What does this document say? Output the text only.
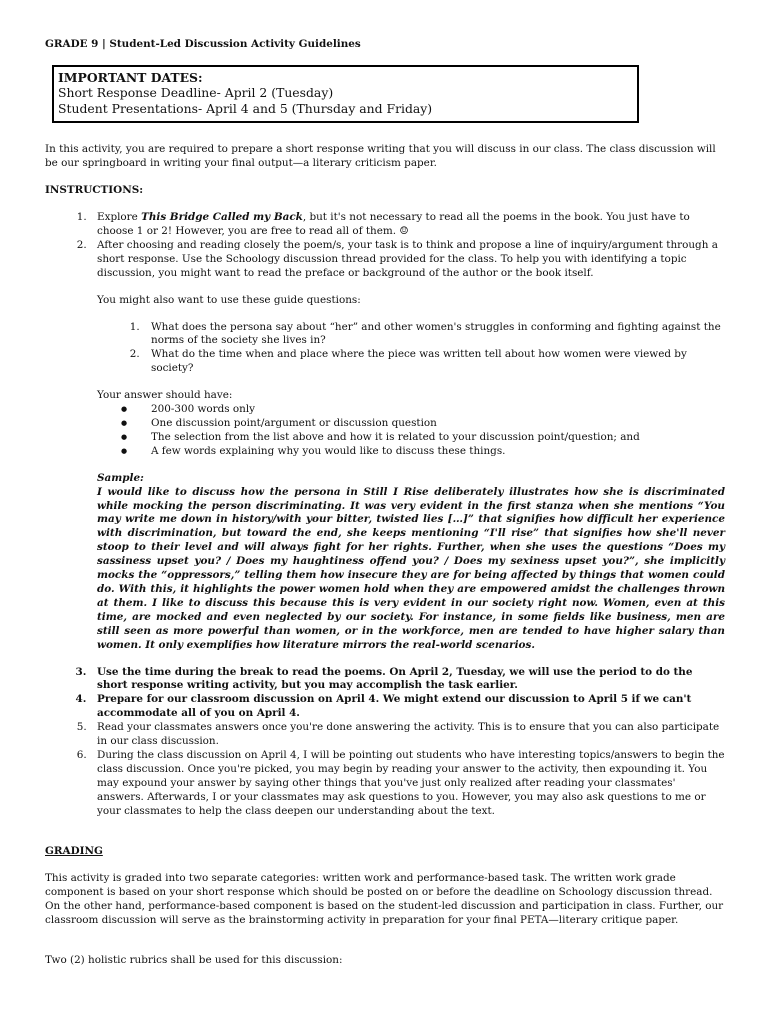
GRADE 9 | Student-Led Discussion Activity Guidelines

IMPORTANT DATES:
Short Response Deadline- April 2 (Tuesday)
Student Presentations- April 4 and 5 (Thursday and Friday)

In this activity, you are required to prepare a short response writing that you will discuss in our class. The class discussion will be our springboard in writing your final output—a literary criticism paper.

INSTRUCTIONS:

1. Explore This Bridge Called my Back, but it's not necessary to read all the poems in the book. You just have to choose 1 or 2! However, you are free to read all of them. ☺
2. After choosing and reading closely the poem/s, your task is to think and propose a line of inquiry/argument through a short response. Use the Schoology discussion thread provided for the class. To help you with identifying a topic discussion, you might want to read the preface or background of the author or the book itself.

You might also want to use these guide questions:

1. What does the persona say about “her” and other women's struggles in conforming and fighting against the norms of the society she lives in?
2. What do the time when and place where the piece was written tell about how women were viewed by society?

Your answer should have:

● 200-300 words only
● One discussion point/argument or discussion question
● The selection from the list above and how it is related to your discussion point/question; and
● A few words explaining why you would like to discuss these things.

Sample:

I would like to discuss how the persona in Still I Rise deliberately illustrates how she is discriminated while mocking the person discriminating. It was very evident in the first stanza when she mentions “You may write me down in history/with your bitter, twisted lies […]” that signifies how difficult her experience with discrimination, but toward the end, she keeps mentioning “I'll rise” that signifies how she'll never stoop to their level and will always fight for her rights. Further, when she uses the questions “Does my sassiness upset you? / Does my haughtiness offend you? / Does my sexiness upset you?”, she implicitly mocks the “oppressors,” telling them how insecure they are for being affected by things that women could do. With this, it highlights the power women hold when they are empowered amidst the challenges thrown at them. I like to discuss this because this is very evident in our society right now. Women, even at this time, are mocked and even neglected by our society. For instance, in some fields like business, men are still seen as more powerful than women, or in the workforce, men are tended to have higher salary than women. It only exemplifies how literature mirrors the real-world scenarios.

3. Use the time during the break to read the poems. On April 2, Tuesday, we will use the period to do the short response writing activity, but you may accomplish the task earlier.
4. Prepare for our classroom discussion on April 4. We might extend our discussion to April 5 if we can't accommodate all of you on April 4.
5. Read your classmates answers once you're done answering the activity. This is to ensure that you can also participate in our class discussion.
6. During the class discussion on April 4, I will be pointing out students who have interesting topics/answers to begin the class discussion. Once you're picked, you may begin by reading your answer to the activity, then expounding it. You may expound your answer by saying other things that you've just only realized after reading your classmates' answers. Afterwards, I or your classmates may ask questions to you. However, you may also ask questions to me or your classmates to help the class deepen our understanding about the text.

GRADING

This activity is graded into two separate categories: written work and performance-based task. The written work grade component is based on your short response which should be posted on or before the deadline on Schoology discussion thread. On the other hand, performance-based component is based on the student-led discussion and participation in class. Further, our classroom discussion will serve as the brainstorming activity in preparation for your final PETA—literary critique paper.

Two (2) holistic rubrics shall be used for this discussion:
